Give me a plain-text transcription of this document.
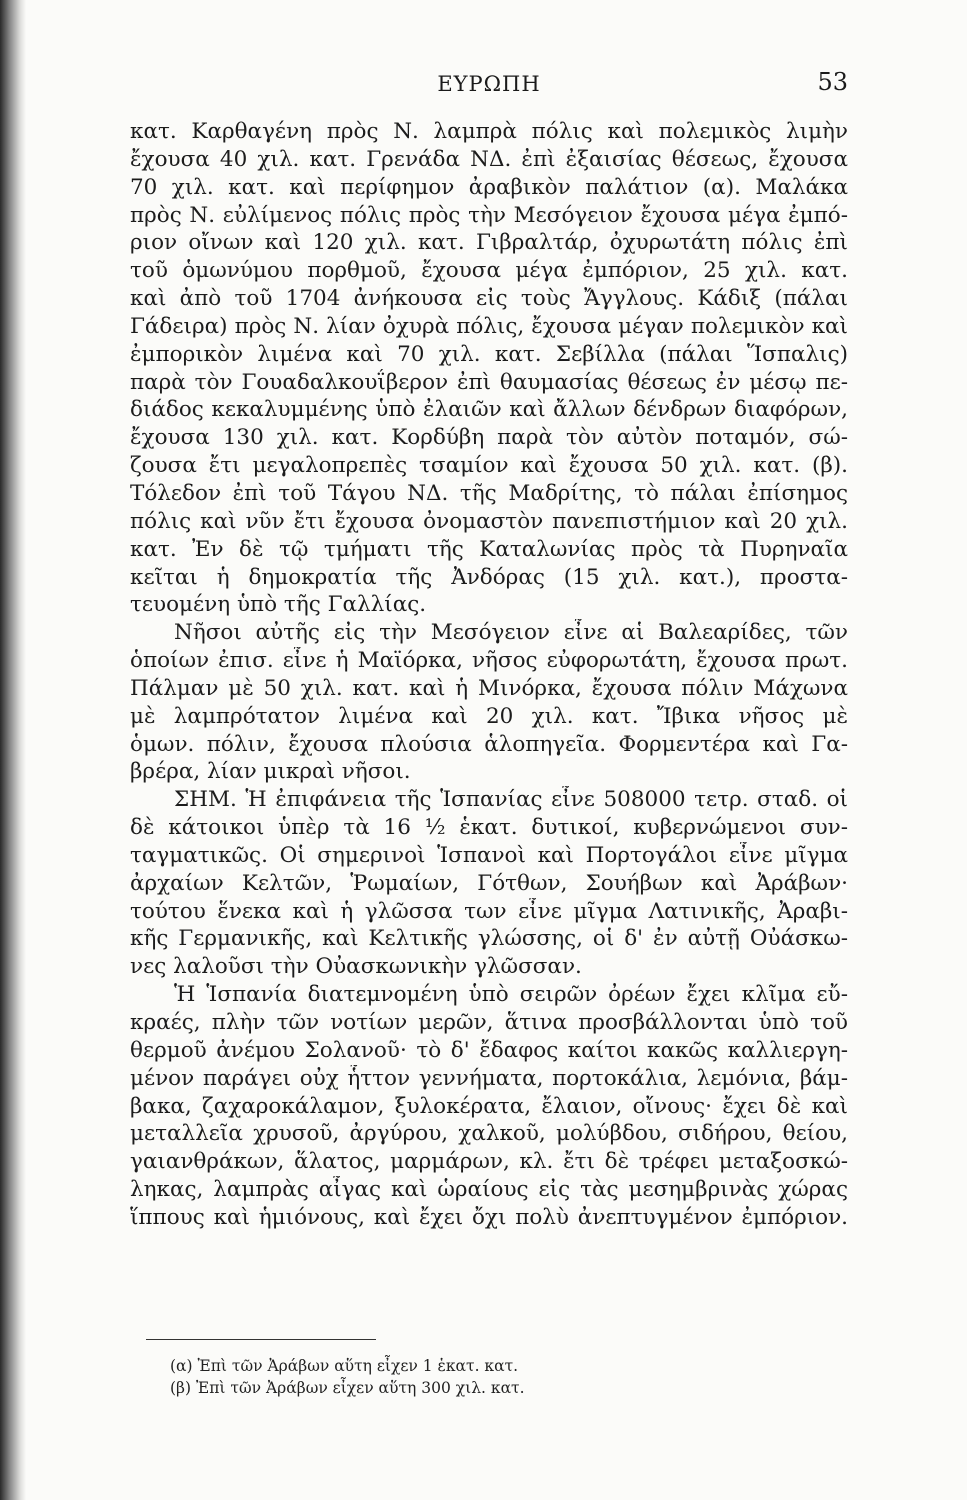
ΕΥΡΩΠΗ	53
κατ. Καρθαγένη πρὸς Ν. λαμπρὰ πόλις καὶ πολεμικὸς λιμὴν
ἔχουσα 40 χιλ. κατ. Γρενάδα ΝΔ. ἐπὶ ἐξαισίας θέσεως, ἔχουσα
70 χιλ. κατ. καὶ περίφημον ἀραβικὸν παλάτιον (α). Μαλάκα
πρὸς Ν. εὐλίμενος πόλις πρὸς τὴν Μεσόγειον ἔχουσα μέγα ἐμπό-
ριον οἴνων καὶ 120 χιλ. κατ. Γιβραλτάρ, ὀχυρωτάτη πόλις ἐπὶ
τοῦ ὁμωνύμου πορθμοῦ, ἔχουσα μέγα ἐμπόριον, 25 χιλ. κατ.
καὶ ἀπὸ τοῦ 1704 ἀνήκουσα εἰς τοὺς Ἄγγλους. Κάδιξ (πάλαι
Γάδειρα) πρὸς Ν. λίαν ὀχυρὰ πόλις, ἔχουσα μέγαν πολεμικὸν καὶ
ἐμπορικὸν λιμένα καὶ 70 χιλ. κατ. Σεβίλλα (πάλαι Ἵσπαλις)
παρὰ τὸν Γουαδαλκουΐβερον ἐπὶ θαυμασίας θέσεως ἐν μέσῳ πε-
διάδος κεκαλυμμένης ὑπὸ ἐλαιῶν καὶ ἄλλων δένδρων διαφόρων,
ἔχουσα 130 χιλ. κατ. Κορδύβη παρὰ τὸν αὐτὸν ποταμόν, σώ-
ζουσα ἔτι μεγαλοπρεπὲς τσαμίον καὶ ἔχουσα 50 χιλ. κατ. (β).
Τόλεδον ἐπὶ τοῦ Τάγου ΝΔ. τῆς Μαδρίτης, τὸ πάλαι ἐπίσημος
πόλις καὶ νῦν ἔτι ἔχουσα ὀνομαστὸν πανεπιστήμιον καὶ 20 χιλ.
κατ. Ἐν δὲ τῷ τμήματι τῆς Καταλωνίας πρὸς τὰ Πυρηναῖα
κεῖται ἡ δημοκρατία τῆς Ἀνδόρας (15 χιλ. κατ.), προστα-
τευομένη ὑπὸ τῆς Γαλλίας.
Νῆσοι αὐτῆς εἰς τὴν Μεσόγειον εἶνε αἱ Βαλεαρίδες, τῶν
ὁποίων ἐπισ. εἶνε ἡ Μαϊόρκα, νῆσος εὐφορωτάτη, ἔχουσα πρωτ.
Πάλμαν μὲ 50 χιλ. κατ. καὶ ἡ Μινόρκα, ἔχουσα πόλιν Μάχωνα
μὲ λαμπρότατον λιμένα καὶ 20 χιλ. κατ. Ἴβικα νῆσος μὲ
ὁμων. πόλιν, ἔχουσα πλούσια ἁλοπηγεῖα. Φορμεντέρα καὶ Γα-
βρέρα, λίαν μικραὶ νῆσοι.
ΣΗΜ. Ἡ ἐπιφάνεια τῆς Ἱσπανίας εἶνε 508000 τετρ. σταδ. οἱ
δὲ κάτοικοι ὑπὲρ τὰ 16 ½ ἑκατ. δυτικοί, κυβερνώμενοι συν-
ταγματικῶς. Οἱ σημερινοὶ Ἱσπανοὶ καὶ Πορτογάλοι εἶνε μῖγμα
ἀρχαίων Κελτῶν, Ῥωμαίων, Γότθων, Σουήβων καὶ Ἀράβων·
τούτου ἕνεκα καὶ ἡ γλῶσσα των εἶνε μῖγμα Λατινικῆς, Ἀραβι-
κῆς Γερμανικῆς, καὶ Κελτικῆς γλώσσης, οἱ δ' ἐν αὐτῇ Οὐάσκω-
νες λαλοῦσι τὴν Οὐασκωνικὴν γλῶσσαν.
Ἡ Ἱσπανία διατεμνομένη ὑπὸ σειρῶν ὀρέων ἔχει κλῖμα εὔ-
κραές, πλὴν τῶν νοτίων μερῶν, ἅτινα προσβάλλονται ὑπὸ τοῦ
θερμοῦ ἀνέμου Σολανοῦ· τὸ δ' ἔδαφος καίτοι κακῶς καλλιεργη-
μένον παράγει οὐχ ἧττον γεννήματα, πορτοκάλια, λεμόνια, βάμ-
βακα, ζαχαροκάλαμον, ξυλοκέρατα, ἔλαιον, οἴνους· ἔχει δὲ καὶ
μεταλλεῖα χρυσοῦ, ἀργύρου, χαλκοῦ, μολύβδου, σιδήρου, θείου,
γαιανθράκων, ἅλατος, μαρμάρων, κλ. ἔτι δὲ τρέφει μεταξοσκώ-
ληκας, λαμπρὰς αἶγας καὶ ὡραίους εἰς τὰς μεσημβρινὰς χώρας
ἵππους καὶ ἡμιόνους, καὶ ἔχει ὄχι πολὺ ἀνεπτυγμένον ἐμπόριον.
(α) Ἐπὶ τῶν Ἀράβων αὕτη εἶχεν 1 ἑκατ. κατ.
(β) Ἐπὶ τῶν Ἀράβων εἶχεν αὕτη 300 χιλ. κατ.
